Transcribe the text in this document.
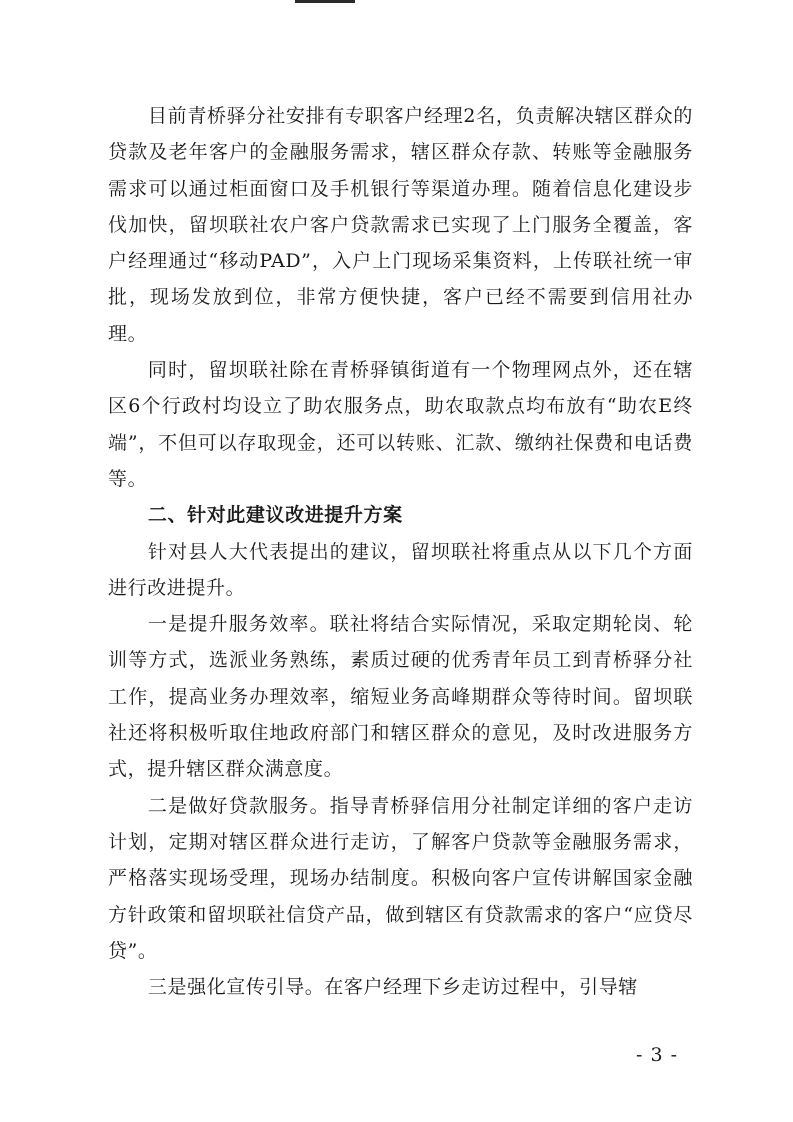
目前青桥驿分社安排有专职客户经理2名，负责解决辖区群众的贷款及老年客户的金融服务需求，辖区群众存款、转账等金融服务需求可以通过柜面窗口及手机银行等渠道办理。随着信息化建设步伐加快，留坝联社农户客户贷款需求已实现了上门服务全覆盖，客户经理通过“移动PAD”，入户上门现场采集资料，上传联社统一审批，现场发放到位，非常方便快捷，客户已经不需要到信用社办理。

同时，留坝联社除在青桥驿镇街道有一个物理网点外，还在辖区6个行政村均设立了助农服务点，助农取款点均布放有“助农E终端”，不但可以存取现金，还可以转账、汇款、缴纳社保费和电话费等。

二、针对此建议改进提升方案

针对县人大代表提出的建议，留坝联社将重点从以下几个方面进行改进提升。

一是提升服务效率。联社将结合实际情况，采取定期轮岗、轮训等方式，选派业务熟练，素质过硬的优秀青年员工到青桥驿分社工作，提高业务办理效率，缩短业务高峰期群众等待时间。留坝联社还将积极听取住地政府部门和辖区群众的意见，及时改进服务方式，提升辖区群众满意度。

二是做好贷款服务。指导青桥驿信用分社制定详细的客户走访计划，定期对辖区群众进行走访，了解客户贷款等金融服务需求，严格落实现场受理，现场办结制度。积极向客户宣传讲解国家金融方针政策和留坝联社信贷产品，做到辖区有贷款需求的客户“应贷尽贷”。

三是强化宣传引导。在客户经理下乡走访过程中，引导辖

- 3 -
